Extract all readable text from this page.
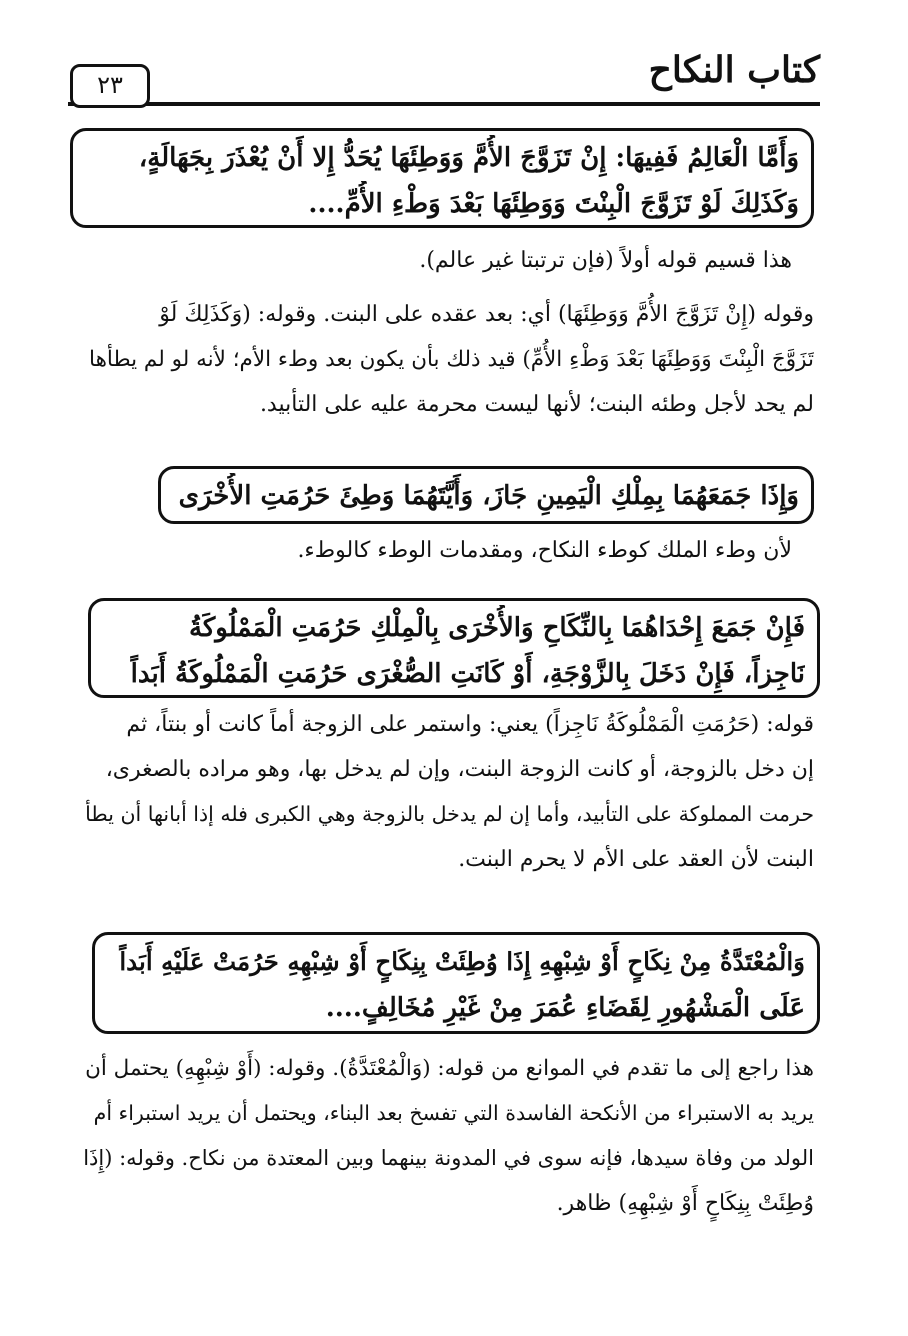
كتاب النكاح
٢٣
وَأَمَّا الْعَالِمُ فَفِيهَا: إِنْ تَزَوَّجَ الأُمَّ وَوَطِئَهَا يُحَدُّ إِلا أَنْ يُعْذَرَ بِجَهَالَةٍ،
وَكَذَلِكَ لَوْ تَزَوَّجَ الْبِنْتَ وَوَطِئَهَا بَعْدَ وَطْءِ الأُمِّ....
هذا قسيم قوله أولاً (فإن ترتبتا غير عالم).
وقوله (إِنْ تَزَوَّجَ الأُمَّ وَوَطِئَهَا) أي: بعد عقده على البنت. وقوله: (وَكَذَلِكَ لَوْ
تَزَوَّجَ الْبِنْتَ وَوَطِئَهَا بَعْدَ وَطْءِ الأُمِّ) قيد ذلك بأن يكون بعد وطء الأم؛ لأنه لو لم يطأها
لم يحد لأجل وطئه البنت؛ لأنها ليست محرمة عليه على التأبيد.
وَإِذَا جَمَعَهُمَا بِمِلْكِ الْيَمِينِ جَازَ، وَأَيَّتَهُمَا وَطِئَ حَرُمَتِ الأُخْرَى
لأن وطء الملك كوطء النكاح، ومقدمات الوطء كالوطء.
فَإِنْ جَمَعَ إِحْدَاهُمَا بِالنِّكَاحِ وَالأُخْرَى بِالْمِلْكِ حَرُمَتِ الْمَمْلُوكَةُ
نَاجِزاً، فَإِنْ دَخَلَ بِالزَّوْجَةِ، أَوْ كَانَتِ الصُّغْرَى حَرُمَتِ الْمَمْلُوكَةُ أَبَداً
قوله: (حَرُمَتِ الْمَمْلُوكَةُ نَاجِزاً) يعني: واستمر على الزوجة أماً كانت أو بنتاً، ثم
إن دخل بالزوجة، أو كانت الزوجة البنت، وإن لم يدخل بها، وهو مراده بالصغرى،
حرمت المملوكة على التأبيد، وأما إن لم يدخل بالزوجة وهي الكبرى فله إذا أبانها أن يطأ
البنت لأن العقد على الأم لا يحرم البنت.
وَالْمُعْتَدَّةُ مِنْ نِكَاحٍ أَوْ شِبْهِهِ إِذَا وُطِئَتْ بِنِكَاحٍ أَوْ شِبْهِهِ حَرُمَتْ عَلَيْهِ أَبَداً
عَلَى الْمَشْهُورِ لِقَضَاءِ عُمَرَ مِنْ غَيْرِ مُخَالِفٍ....
هذا راجع إلى ما تقدم في الموانع من قوله: (وَالْمُعْتَدَّةُ). وقوله: (أَوْ شِبْهِهِ) يحتمل أن
يريد به الاستبراء من الأنكحة الفاسدة التي تفسخ بعد البناء، ويحتمل أن يريد استبراء أم
الولد من وفاة سيدها، فإنه سوى في المدونة بينهما وبين المعتدة من نكاح. وقوله: (إِذَا
وُطِئَتْ بِنِكَاحٍ أَوْ شِبْهِهِ) ظاهر.
